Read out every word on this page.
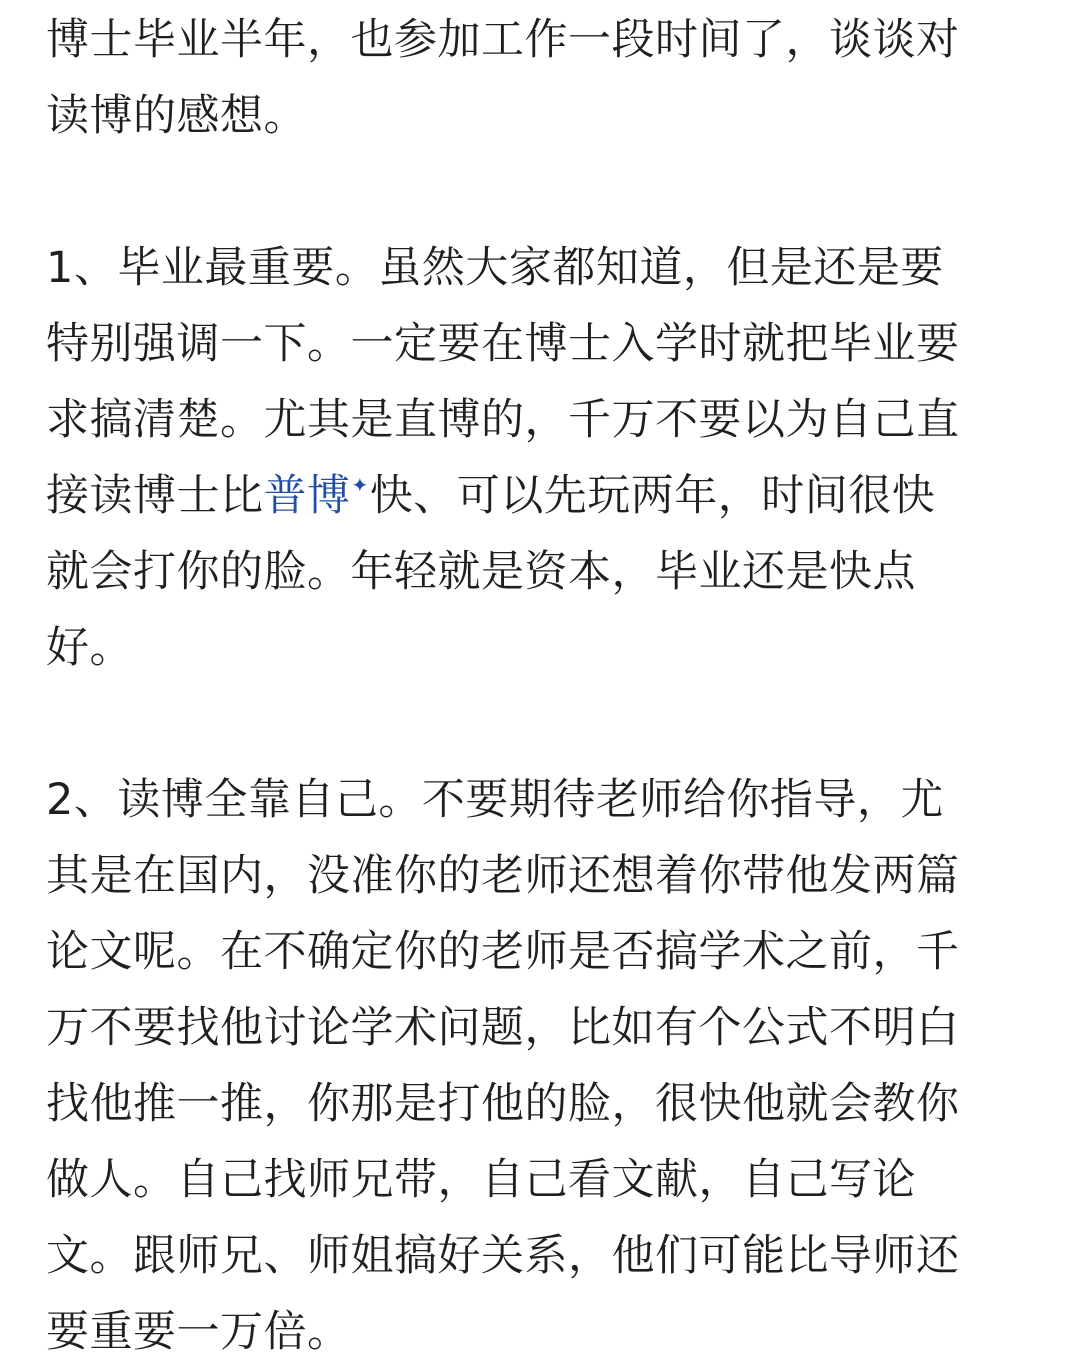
博士毕业半年，也参加工作一段时间了，谈谈对
读博的感想。
1、毕业最重要。虽然大家都知道，但是还是要
特别强调一下。一定要在博士入学时就把毕业要
求搞清楚。尤其是直博的，千万不要以为自己直
接读博士比普博✦快、可以先玩两年，时间很快
就会打你的脸。年轻就是资本，毕业还是快点
好。
2、读博全靠自己。不要期待老师给你指导，尤
其是在国内，没准你的老师还想着你带他发两篇
论文呢。在不确定你的老师是否搞学术之前，千
万不要找他讨论学术问题，比如有个公式不明白
找他推一推，你那是打他的脸，很快他就会教你
做人。自己找师兄带，自己看文献，自己写论
文。跟师兄、师姐搞好关系，他们可能比导师还
要重要一万倍。
